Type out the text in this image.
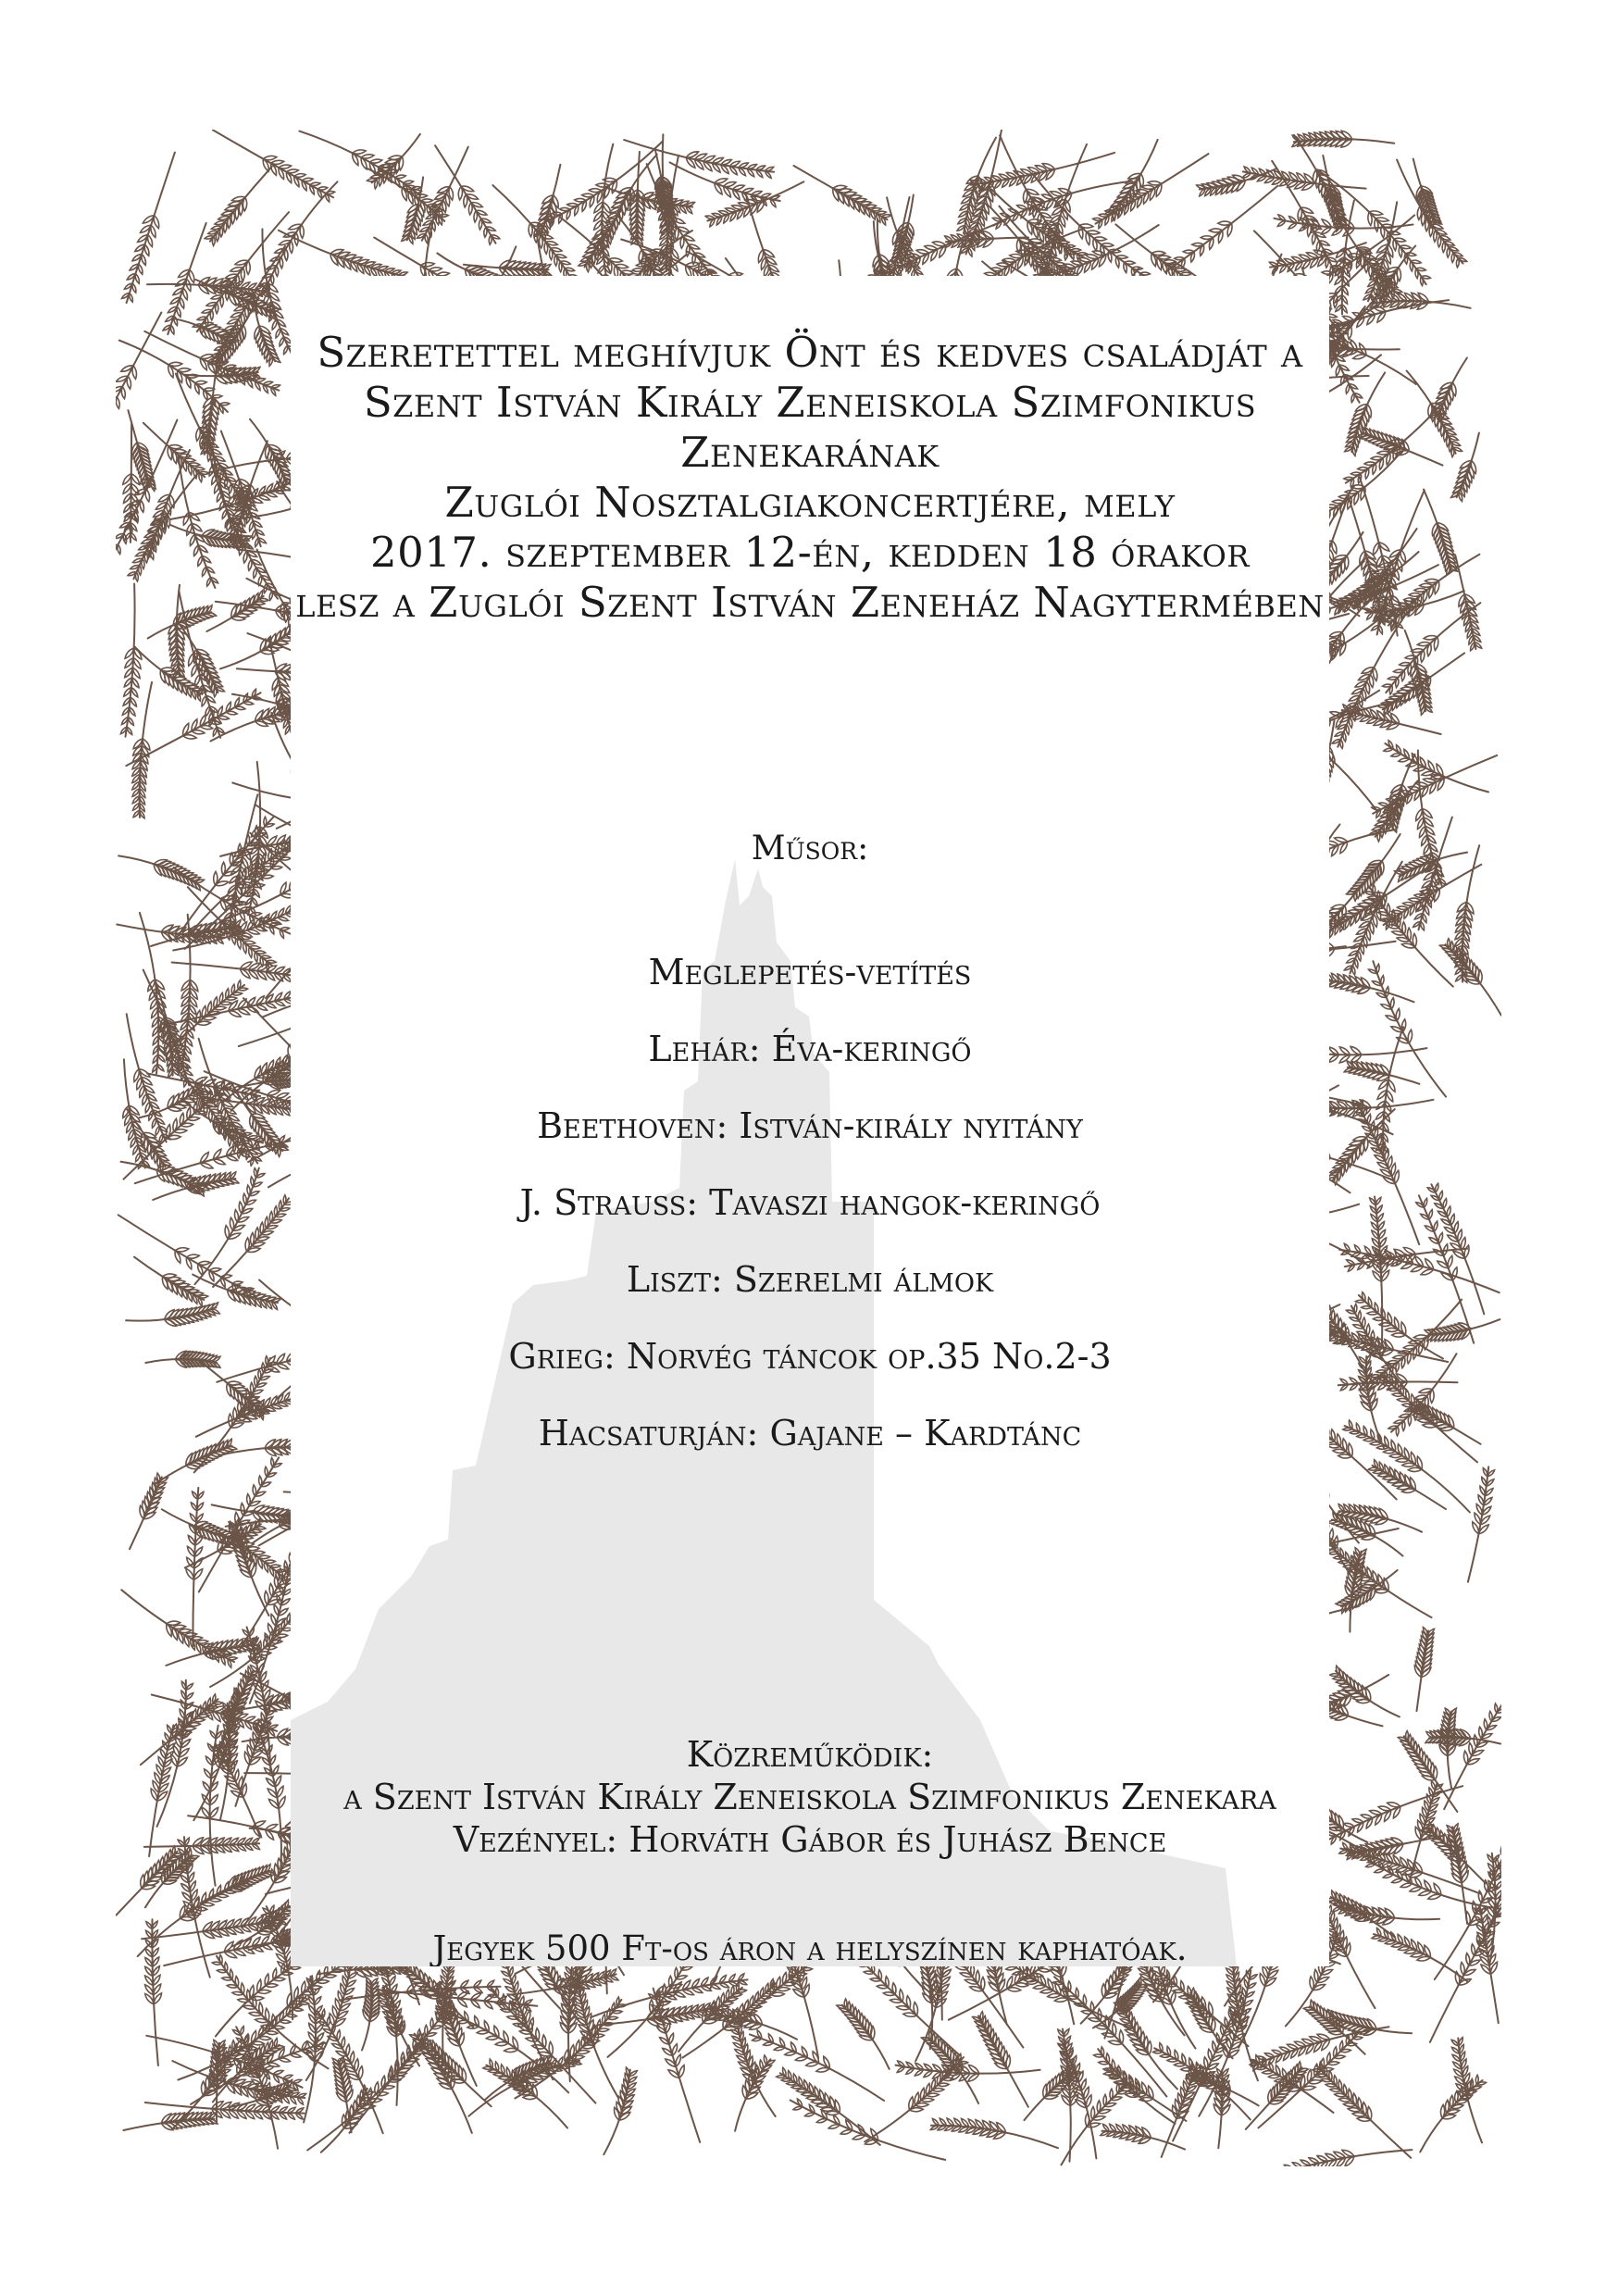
Szeretettel meghívjuk Önt és kedves családját a
Szent István Király Zeneiskola Szimfonikus
Zenekarának
Zuglói Nosztalgiakoncertjére, mely
2017. szeptember 12-én, kedden 18 órakor
lesz a Zuglói Szent István Zeneház Nagytermében
Műsor:
Meglepetés-vetítés
Lehár: Éva-keringő
Beethoven: István-király nyitány
J. Strauss: Tavaszi hangok-keringő
Liszt: Szerelmi álmok
Grieg: Norvég táncok op.35 No.2-3
Hacsaturján: Gajane – Kardtánc
Közreműködik:
a Szent István Király Zeneiskola Szimfonikus Zenekara
Vezényel: Horváth Gábor és Juhász Bence
Jegyek 500 Ft-os áron a helyszínen kaphatóak.
